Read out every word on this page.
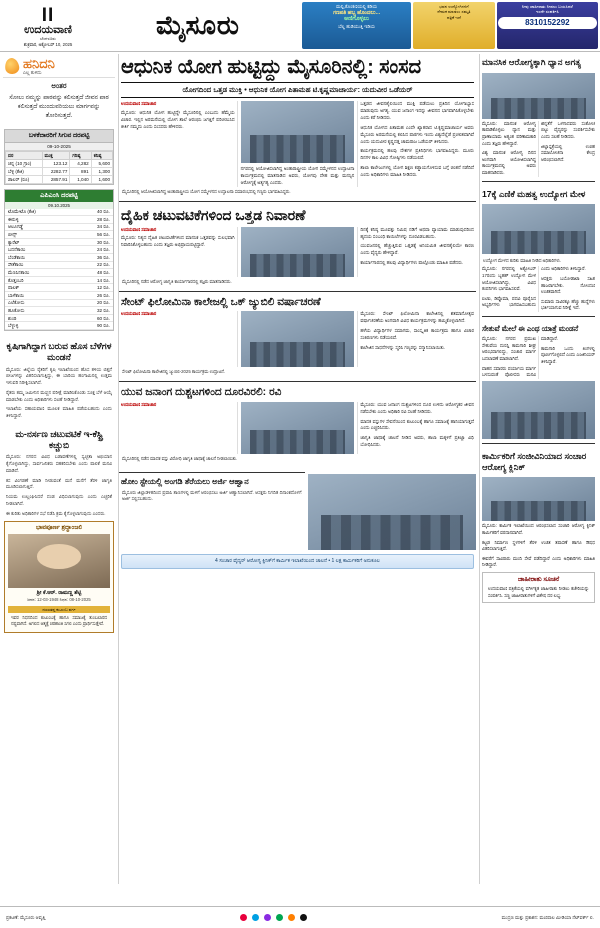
II
ಉದಯವಾಣಿ
ಬೆಂಗಳೂರು
ಶುಕ್ರವಾರ, ಅಕ್ಟೋಬರ್ 10, 2025
ಮೈಸೂರು
ಮಲ್ಪಿ,ಕೊಂಕಣಿಯಲ್ಲಿ ಕಡಿಯ
ಗಣಪತಿ ಹಬ್ಬ ಹೊಂದಲು...
ಅಣಿಗೊಳ್ಳಲು
ಬೆಲ್ಲ ಹುಡಿಯುತ್ತಿ ಇಡಿಯ
ಭವನ ಉದ್ಯೋಗಿಗಳಿಗೆ
ನೇಮಕ ಮಾಡಲು ಸಮ್ಮತಿ
ಪತ್ರಿಕೆ ಇದೆ
ನೀವು ಜಾಹೀರಾತು ನೀಡಲು ಬಯಸಿದರೆ
ಇಂದೇ ಸಂಪರ್ಕಿಸಿ
8310152292
ಹನಿದನಿ
ಎಲ್ಲ ತುಳಿದು
ಅಂತರ
ಸೋಲು ನಮ್ಮನ್ನು ಪಾಠವನ್ನು ಕಲಿಸುತ್ತದೆ ಜೀವನ ಪಾಠ ಕಲಿಸುತ್ತದೆ ಮುಂದುವರಿಯಲು ಮಾರ್ಗವನ್ನು ತೋರಿಸುತ್ತದೆ.
ಬಳಕೆದಾರರಿಗೆ ಸಿಗುವ ದರಪಟ್ಟಿ
09-10-2025
ದರ	ಮುಕ್ತ	ಗರಿಷ್ಠ	ಕನಿಷ್ಠ
ಚಿನ್ನ (10 ಗ್ರಾಂ)	123.12	4,282	5,600
ಬೆಳ್ಳಿ (ಕೆಜಿ)	2282.77	891	1,300
ಡಾಲರ್ (ರೂ)	2857.91	1,040	1,600
ಎಪಿಎಂಸಿ ದರಪಟ್ಟಿ
09.10.2025
ಟೊಮೇಟೊ (ಕೆಜಿ)	40 ರೂ.
ಈರುಳ್ಳಿ	28 ರೂ.
ಆಲೂಗಡ್ಡೆ	34 ರೂ.
ಬೀನ್ಸ್	56 ರೂ.
ಕ್ಯಾರೆಟ್	30 ರೂ.
ಬದನೆಕಾಯಿ	24 ರೂ.
ಬೆಂಡೆಕಾಯಿ	36 ರೂ.
ಸೌತೆಕಾಯಿ	22 ರೂ.
ಮೆಣಸಿನಕಾಯಿ	48 ರೂ.
ಕೊತ್ತಂಬರಿ	14 ರೂ.
ಪಾಲಕ್	12 ರೂ.
ಬಾಳೆಕಾಯಿ	26 ರೂ.
ಎಲೆಕೋಸು	20 ರೂ.
ಹೂಕೋಸು	32 ರೂ.
ಶುಂಠಿ	60 ರೂ.
ಬೆಳ್ಳುಳ್ಳಿ	90 ರೂ.
ಕೃಷಿಗಾಗಿದ್ದಾಗ ಬರುವ ಹೊಸ ಬೆಳೆಗಳ ಮಂಡನೆ

ಮೈಸೂರು: ಜಿಲ್ಲೆಯ ರೈತರಿಗೆ ಕೃಷಿ ಇಲಾಖೆಯಿಂದ ಹೊಸ ತಳಿಯ ಬಿತ್ತನೆ ಬೀಜಗಳನ್ನು ವಿತರಿಸಲಾಗುತ್ತಿದ್ದು, ಈ ಬಾರಿಯ ಹಂಗಾಮಿನಲ್ಲಿ ಉತ್ತಮ ಇಳುವರಿ ನಿರೀಕ್ಷಿಸಲಾಗಿದೆ.

ರೈತರು ತಮ್ಮ ಜಮೀನಿನ ಮಣ್ಣಿನ ಪರೀಕ್ಷೆ ಮಾಡಿಸಿಕೊಂಡು ಸೂಕ್ತ ಬೆಳೆ ಆಯ್ಕೆ ಮಾಡಬೇಕು ಎಂದು ಅಧಿಕಾರಿಗಳು ಸಲಹೆ ನೀಡಿದ್ದಾರೆ.

ಇಲಾಖೆಯ ಸಹಾಯವಾಣಿ ಮೂಲಕ ಮಾಹಿತಿ ಪಡೆಯಬಹುದು ಎಂದು ತಿಳಿಸಿದ್ದಾರೆ.

ಮ-ನರ್ಸಣ ಚಟುವಟಿಕೆ ಇ-ಕೆಸ್ಟ್ರಿ ಕಚ್ಚುಬಿ

ಮೈಸೂರು: ನಗರದ ವಿವಿಧ ಬಡಾವಣೆಗಳಲ್ಲಿ ಸ್ವಚ್ಛತಾ ಅಭಿಯಾನ ಕೈಗೊಳ್ಳಲಾಗಿದ್ದು, ಸಾರ್ವಜನಿಕರು ಸಹಕರಿಸಬೇಕು ಎಂದು ಪಾಲಿಕೆ ಮನವಿ ಮಾಡಿದೆ.

ಕಸ ವಿಂಗಡಣೆ ಮಾಡಿ ನೀಡುವಂತೆ ಮನೆ ಮನೆಗೆ ತೆರಳಿ ಜಾಗೃತಿ ಮೂಡಿಸಲಾಗುತ್ತಿದೆ.

ನಿಯಮ ಉಲ್ಲಂಘಿಸಿದರೆ ದಂಡ ವಿಧಿಸಲಾಗುವುದು ಎಂದು ಎಚ್ಚರಿಕೆ ನೀಡಲಾಗಿದೆ.

ಈ ಕುರಿತು ಅಧಿಕಾರಿಗಳ ಸಭೆ ನಡೆಸಿ ಕ್ರಮ ಕೈಗೊಳ್ಳಲಾಗುವುದು ಎಂದರು.

ಭಾವಪೂರ್ಣ ಶ್ರದ್ಧಾಂಜಲಿ
ಶ್ರೀ ಕೆ.ಆರ್. ರಾಮಣ್ಣ ಶೆಟ್ಟಿ
ಜನನ: 12-03-1948 ನಿಧನ: 08-10-2025
ದುಃಖತಪ್ತ ಕುಟುಂಬ ವರ್ಗ
ಇವರ ನಿಧನದಿಂದ ಕುಟುಂಬಕ್ಕೆ ಹಾಗೂ ಸಮಾಜಕ್ಕೆ ತುಂಬಲಾರದ ನಷ್ಟವಾಗಿದೆ. ಅಗಲಿದ ಆತ್ಮಕ್ಕೆ ಚಿರಶಾಂತಿ ಸಿಗಲಿ ಎಂದು ಪ್ರಾರ್ಥಿಸುತ್ತೇವೆ.
ಆಧುನಿಕ ಯೋಗ ಹುಟ್ಟಿದ್ದು ಮೈಸೂರಿನಲ್ಲಿ: ಸಂಸದ
ಯೋಗದಿಂದ ಒತ್ತಡ ಮುಕ್ತಿ • ಆಧುನಿಕ ಯೋಗ ಪಿತಾಮಹ ಟಿ.ಕೃಷ್ಣಮಾಚಾರ್ಯ: ಯದುವೀರ ಒಡೆಯರ್
ಉದಯವಾಣಿ ಸಮಾಚಾರ

ಮೈಸೂರು: ಆಧುನಿಕ ಯೋಗ ಹುಟ್ಟಿದ್ದೇ ಮೈಸೂರಿನಲ್ಲಿ ಎಂಬುದು ಹೆಮ್ಮೆಯ ವಿಚಾರ. ಇಲ್ಲಿನ ಅರಮನೆಯಲ್ಲಿ ಯೋಗ ಶಾಲೆ ಆರಂಭಿಸಿ ಜಗತ್ತಿಗೆ ಪರಿಚಯಿಸಿದ ಕೀರ್ತಿ ನಮ್ಮದು ಎಂದು ಸಂಸದರು ಹೇಳಿದರು.

ನಗರದಲ್ಲಿ ಆಯೋಜಿಸಲಾಗಿದ್ದ ಅಂತಾರಾಷ್ಟ್ರೀಯ ಯೋಗ ಸಮ್ಮೇಳನದ ಉದ್ಘಾಟನಾ ಕಾರ್ಯಕ್ರಮದಲ್ಲಿ ಮಾತನಾಡಿದ ಅವರು, ಯೋಗವು ದೇಹ ಮತ್ತು ಮನಸ್ಸಿನ ಆರೋಗ್ಯಕ್ಕೆ ಅತ್ಯಗತ್ಯ ಎಂದರು.

ಒತ್ತಡದ ಜೀವನಶೈಲಿಯಿಂದ ಮುಕ್ತಿ ಪಡೆಯಲು ಪ್ರತಿದಿನ ಯೋಗಾಭ್ಯಾಸ ಮಾಡುವುದು ಅಗತ್ಯ. ಯುವ ಜನಾಂಗ ಇದನ್ನು ಜೀವನದ ಭಾಗವಾಗಿಸಿಕೊಳ್ಳಬೇಕು ಎಂದು ಕರೆ ನೀಡಿದರು.

ಆಧುನಿಕ ಯೋಗದ ಪಿತಾಮಹ ಎಂದೇ ಖ್ಯಾತರಾದ ಟಿ.ಕೃಷ್ಣಮಾಚಾರ್ಯ ಅವರು ಮೈಸೂರು ಅರಮನೆಯಲ್ಲಿ ಕಲಿಸಿದ ಪಾಠಗಳು ಇಂದು ವಿಶ್ವದೆಲ್ಲೆಡೆ ಪ್ರಚಲಿತವಾಗಿವೆ ಎಂದು ಯದುವೀರ ಕೃಷ್ಣದತ್ತ ಚಾಮರಾಜ ಒಡೆಯರ್ ತಿಳಿಸಿದರು.

ಕಾರ್ಯಕ್ರಮದಲ್ಲಿ ಹಲವು ದೇಶಗಳ ಪ್ರತಿನಿಧಿಗಳು ಭಾಗವಹಿಸಿದ್ದರು. ಮೂರು ದಿನಗಳ ಕಾಲ ವಿವಿಧ ಗೋಷ್ಠಿಗಳು ನಡೆಯಲಿವೆ.

ಶಾಲಾ ಕಾಲೇಜುಗಳಲ್ಲಿ ಯೋಗ ಶಿಕ್ಷಣ ಕಡ್ಡಾಯಗೊಳಿಸುವ ಬಗ್ಗೆ ಚಿಂತನೆ ನಡೆದಿದೆ ಎಂದು ಅಧಿಕಾರಿಗಳು ಮಾಹಿತಿ ನೀಡಿದರು.

ಮೈಸೂರಿನಲ್ಲಿ ಆಯೋಜಿಸಲಾಗಿದ್ದ ಅಂತಾರಾಷ್ಟ್ರೀಯ ಯೋಗ ಸಮ್ಮೇಳನದ ಉದ್ಘಾಟನಾ ಸಮಾರಂಭದಲ್ಲಿ ಗಣ್ಯರು ಭಾಗವಹಿಸಿದ್ದರು.
ದೈಹಿಕ ಚಟುವಟಿಕೆಗಳಿಂದ ಒತ್ತಡ ನಿವಾರಣೆ
ಉದಯವಾಣಿ ಸಮಾಚಾರ

ಮೈಸೂರು: ನಿತ್ಯದ ದೈಹಿಕ ಚಟುವಟಿಕೆಗಳಿಂದ ಮಾನಸಿಕ ಒತ್ತಡವನ್ನು ಸುಲಭವಾಗಿ ನಿವಾರಿಸಿಕೊಳ್ಳಬಹುದು ಎಂದು ತಜ್ಞರು ಅಭಿಪ್ರಾಯಪಟ್ಟಿದ್ದಾರೆ.

ದಿನಕ್ಕೆ ಕನಿಷ್ಠ ಮೂವತ್ತು ನಿಮಿಷ ನಡಿಗೆ ಅಥವಾ ವ್ಯಾಯಾಮ ಮಾಡುವುದರಿಂದ ಹೃದಯ ಸಂಬಂಧಿ ಕಾಯಿಲೆಗಳನ್ನು ದೂರವಿಡಬಹುದು.

ಯುವಜನರಲ್ಲಿ ಹೆಚ್ಚುತ್ತಿರುವ ಒತ್ತಡಕ್ಕೆ ಅನಿಯಮಿತ ಜೀವನಶೈಲಿಯೇ ಕಾರಣ ಎಂದು ವೈದ್ಯರು ಹೇಳಿದ್ದಾರೆ.

ಕಾರ್ಯಾಗಾರದಲ್ಲಿ ಹಲವು ವಿದ್ಯಾರ್ಥಿಗಳು ಪಾಲ್ಗೊಂಡು ಮಾಹಿತಿ ಪಡೆದರು.

ಮೈಸೂರಿನಲ್ಲಿ ನಡೆದ ಆರೋಗ್ಯ ಜಾಗೃತಿ ಕಾರ್ಯಾಗಾರದಲ್ಲಿ ತಜ್ಞರು ಮಾತನಾಡಿದರು.
ಸೇಂಟ್ ಫಿಲೋಮಿನಾ ಕಾಲೇಜಲ್ಲಿ ಒಕ್ ಜ್ಯುಬಿಲಿ ವರ್ಷಾಚರಣೆ
ಉದಯವಾಣಿ ಸಮಾಚಾರ	ಮೈಸೂರು: ಸೇಂಟ್ ಫಿಲೋಮಿನಾ ಕಾಲೇಜಿನಲ್ಲಿ ಶತಮಾನೋತ್ಸವ ವರ್ಷಾಚರಣೆಯ ಅಂಗವಾಗಿ ವಿವಿಧ ಕಾರ್ಯಕ್ರಮಗಳನ್ನು ಹಮ್ಮಿಕೊಳ್ಳಲಾಗಿದೆ.

ಹಳೆಯ ವಿದ್ಯಾರ್ಥಿಗಳ ಸಮಾಗಮ, ಸಾಂಸ್ಕೃತಿಕ ಕಾರ್ಯಕ್ರಮ ಹಾಗೂ ವಿಚಾರ ಸಂಕಿರಣಗಳು ನಡೆಯಲಿವೆ.

ಕಾಲೇಜಿನ ಸಾಧನೆಗಳನ್ನು ಸ್ಮರಿಸಿ ಗಣ್ಯರನ್ನು ಸನ್ಮಾನಿಸಲಾಯಿತು.

ಸೇಂಟ್ ಫಿಲೋಮಿನಾ ಕಾಲೇಜಿನಲ್ಲಿ ಜ್ಯುಬಿಲಿ-2025 ಕಾರ್ಯಕ್ರಮ ಉದ್ಘಾಟನೆ.
ಯುವ ಜನಾಂಗ ದುಶ್ಚಟಗಳಿಂದ ದೂರವಿರಲಿ: ರವಿ
ಉದಯವಾಣಿ ಸಮಾಚಾರ	ಮೈಸೂರು: ಯುವ ಜನಾಂಗ ದುಶ್ಚಟಗಳಿಂದ ದೂರ ಉಳಿದು ಆರೋಗ್ಯಕರ ಜೀವನ ನಡೆಸಬೇಕು ಎಂದು ಅಧಿಕಾರಿ ರವಿ ಸಲಹೆ ನೀಡಿದರು.

ಮಾದಕ ವಸ್ತುಗಳ ಸೇವನೆಯಿಂದ ಕುಟುಂಬಕ್ಕೆ ಹಾಗೂ ಸಮಾಜಕ್ಕೆ ಹಾನಿಯಾಗುತ್ತದೆ ಎಂದು ಎಚ್ಚರಿಸಿದರು.

ಜಾಗೃತಿ ಜಾಥಾಕ್ಕೆ ಚಾಲನೆ ನೀಡಿದ ಅವರು, ಶಾಲಾ ಮಕ್ಕಳಿಗೆ ಪ್ರತಿಜ್ಞಾ ವಿಧಿ ಬೋಧಿಸಿದರು.

ಮೈಸೂರಿನಲ್ಲಿ ನಡೆದ ಮಾದಕ ವಸ್ತು ವಿರೋಧಿ ಜಾಗೃತಿ ಜಾಥಾಕ್ಕೆ ಚಾಲನೆ ನೀಡಲಾಯಿತು.
ಹೋಂ ಸ್ಟೇಯಲ್ಲಿ ಅಂಗಡಿ ತೆರೆಯಲು ಅರ್ಜಿ ಆಹ್ವಾನ
ಮೈಸೂರು ಜಿಲ್ಲಾಡಳಿತದಿಂದ ಪ್ರವಾಸಿ ತಾಣಗಳಲ್ಲಿ ಮಳಿಗೆ ಆರಂಭಿಸಲು ಅರ್ಜಿ ಆಹ್ವಾನಿಸಲಾಗಿದೆ. ಆಸಕ್ತರು ನಿಗದಿತ ದಿನಾಂಕದೊಳಗೆ ಅರ್ಜಿ ಸಲ್ಲಿಸಬಹುದು.
4 ಸಂಚಾರ ವೈದ್ಯರ್ ಆರೋಗ್ಯ ಕ್ಲಿನಿಕ್‌ಗೆ ಕಾರ್ಮಿಕ ಇಲಾಖೆಯಿಂದ ಚಾಲನೆ • 1 ಲಕ್ಷ ಕಾರ್ಮಿಕರಿಗೆ ಅನುಕೂಲ
ಮಾನಸಿಕ ಆರೋಗ್ಯಕ್ಕಾಗಿ ಧ್ಯಾನ ಅಗತ್ಯ

ಮೈಸೂರು: ಮಾನಸಿಕ ಆರೋಗ್ಯ ಕಾಪಾಡಿಕೊಳ್ಳಲು ಧ್ಯಾನ ಮತ್ತು ಪ್ರಾಣಾಯಾಮ ಅತ್ಯಂತ ಪರಿಣಾಮಕಾರಿ ಎಂದು ತಜ್ಞರು ಹೇಳಿದ್ದಾರೆ.

ವಿಶ್ವ ಮಾನಸಿಕ ಆರೋಗ್ಯ ದಿನದ ಅಂಗವಾಗಿ ಆಯೋಜಿಸಲಾಗಿದ್ದ ಕಾರ್ಯಕ್ರಮದಲ್ಲಿ ಅವರು ಮಾತನಾಡಿದರು.

ಖಿನ್ನತೆಗೆ ಒಳಗಾದವರು ಸಂಕೋಚ ಬಿಟ್ಟು ವೈದ್ಯರನ್ನು ಸಂಪರ್ಕಿಸಬೇಕು ಎಂದು ಸಲಹೆ ನೀಡಿದರು.

ಜಿಲ್ಲಾಸ್ಪತ್ರೆಯಲ್ಲಿ ಉಚಿತ ಸಮಾಲೋಚನಾ ಕೇಂದ್ರ ಆರಂಭಿಸಲಾಗಿದೆ.

17ಕ್ಕೆ ಎಣಿಕೆ ಮಹತ್ವ ಉದ್ಯೋಗ ಮೇಳ
ಉದ್ಯೋಗ ಮೇಳದ ಕುರಿತು ಮಾಹಿತಿ ನೀಡಿದ ಅಧಿಕಾರಿಗಳು.

ಮೈಸೂರು: ನಗರದಲ್ಲಿ ಅಕ್ಟೋಬರ್ 17ರಂದು ಬೃಹತ್ ಉದ್ಯೋಗ ಮೇಳ ಆಯೋಜಿಸಲಾಗಿದ್ದು, ವಿವಿಧ ಕಂಪನಿಗಳು ಭಾಗವಹಿಸಲಿವೆ.

ಐಟಿಐ, ಡಿಪ್ಲೊಮಾ, ಪದವಿ ಪೂರೈಸಿದ ಅಭ್ಯರ್ಥಿಗಳು ಭಾಗವಹಿಸಬಹುದು ಎಂದು ಅಧಿಕಾರಿಗಳು ತಿಳಿಸಿದ್ದಾರೆ.

ಆಸಕ್ತರು ಬಯೋಡಾಟಾ ಸಹಿತ ಹಾಜರಾಗಬೇಕು. ನೋಂದಣಿ ಉಚಿತವಾಗಿದೆ.

ಸುಮಾರು ಸಾವಿರಕ್ಕೂ ಹೆಚ್ಚು ಹುದ್ದೆಗಳು ಭರ್ತಿಯಾಗುವ ನಿರೀಕ್ಷೆ ಇದೆ.

ಸೇತುವೆ ಮೇಲೆ ಈ ಎಂಥ ಯಾತ್ರೆ ಮಂಡನೆ

ಮೈಸೂರು: ನಗರದ ಪ್ರಮುಖ ಸೇತುವೆಯ ದುರಸ್ತಿ ಕಾಮಗಾರಿ ಶೀಘ್ರ ಆರಂಭವಾಗಲಿದ್ದು, ಸಂಚಾರ ಮಾರ್ಗ ಬದಲಾವಣೆ ಮಾಡಲಾಗಿದೆ.

ವಾಹನ ಸವಾರರು ಪರ್ಯಾಯ ಮಾರ್ಗ ಬಳಸುವಂತೆ ಪೊಲೀಸರು ಮನವಿ ಮಾಡಿದ್ದಾರೆ.

ಕಾಮಗಾರಿ ಒಂದು ತಿಂಗಳಲ್ಲಿ ಪೂರ್ಣಗೊಳ್ಳಲಿದೆ ಎಂದು ಎಂಜಿನಿಯರ್ ತಿಳಿಸಿದ್ದಾರೆ.

ಕಾರ್ಮಿಕರಿಗೆ ಸಂಜೀವಿನಿಯಾದ ಸಂಚಾರ ಆರೋಗ್ಯ ಕ್ಲಿನಿಕ್

ಮೈಸೂರು: ಕಾರ್ಮಿಕ ಇಲಾಖೆಯಿಂದ ಆರಂಭಿಸಲಾದ ಸಂಚಾರಿ ಆರೋಗ್ಯ ಕ್ಲಿನಿಕ್ ಕಾರ್ಮಿಕರಿಗೆ ವರದಾನವಾಗಿದೆ.

ಕಟ್ಟಡ ನಿರ್ಮಾಣ ಸ್ಥಳಗಳಿಗೆ ತೆರಳಿ ಉಚಿತ ತಪಾಸಣೆ ಹಾಗೂ ಔಷಧ ವಿತರಿಸಲಾಗುತ್ತಿದೆ.

ಈವರೆಗೆ ಸಾವಿರಾರು ಮಂದಿ ಸೇವೆ ಪಡೆದಿದ್ದಾರೆ ಎಂದು ಅಧಿಕಾರಿಗಳು ಮಾಹಿತಿ ನೀಡಿದ್ದಾರೆ.

ಜಾಹೀರಾತು ಸೂಚನೆ
ಉದಯವಾಣಿ ಪತ್ರಿಕೆಯಲ್ಲಿ ವರ್ಗೀಕೃತ ಜಾಹೀರಾತು ನೀಡಲು ಕಚೇರಿಯನ್ನು ಸಂಪರ್ಕಿಸಿ. ಸಣ್ಣ ಜಾಹೀರಾತುಗಳಿಗೆ ವಿಶೇಷ ದರ ಲಭ್ಯ.
ಪ್ರಕಟಣೆ: ಮೈಸೂರು ಆವೃತ್ತಿ	ಮುದ್ರಣ ಮತ್ತು ಪ್ರಕಾಶನ: ಮಣಿಪಾಲ ಮೀಡಿಯಾ ನೆಟ್‌ವರ್ಕ್ ಲಿ.
